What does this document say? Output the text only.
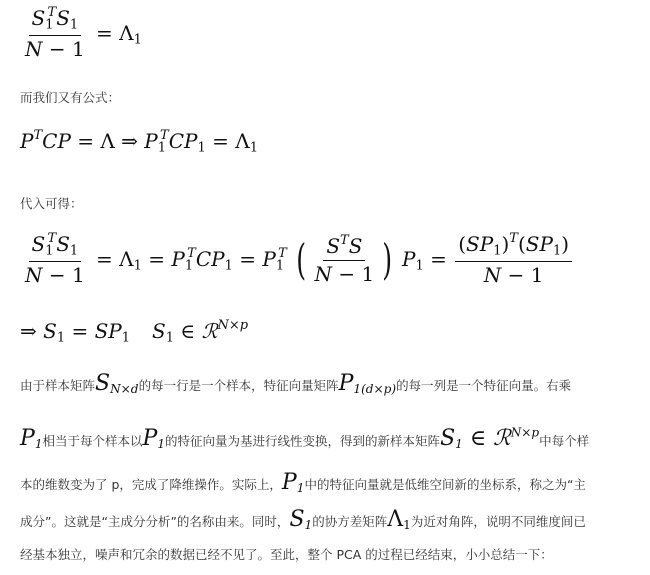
$\frac{S_1^TS_1}{N - 1} = \Lambda_1$
而我们又有公式：
$P^TCP = \Lambda$ ⇒ $P_1^TCP_1 = \Lambda_1$
代入可得：
$\frac{S_1^TS_1}{N - 1} = \Lambda_1 = P_1^TCP_1 = P_1^T$ ( $\frac{S^TS}{N - 1}$ ) $P_1 = \frac{(SP_1)^T(SP_1)}{N - 1}$
⇒ $S_1 = SP_1$ $S_1$ ∈ ℛ$^{N\times p}$
由于样本矩阵$S_{N\times d}$的每一行是一个样本，特征向量矩阵$P_{1(d\times p)}$的每一列是一个特征向量。右乘
$P_1$相当于每个样本以$P_1$的特征向量为基进行线性变换，得到的新样本矩阵$S_1$ ∈ ℛ$^{N\times p}$中每个样
本的维数变为了 p，完成了降维操作。实际上，$P_1$中的特征向量就是低维空间新的坐标系，称之为“主
成分”。这就是“主成分分析”的名称由来。同时，$S_1$的协方差矩阵$\Lambda_1$为近对角阵，说明不同维度间已
经基本独立，噪声和冗余的数据已经不见了。至此，整个 PCA 的过程已经结束，小小总结一下：
